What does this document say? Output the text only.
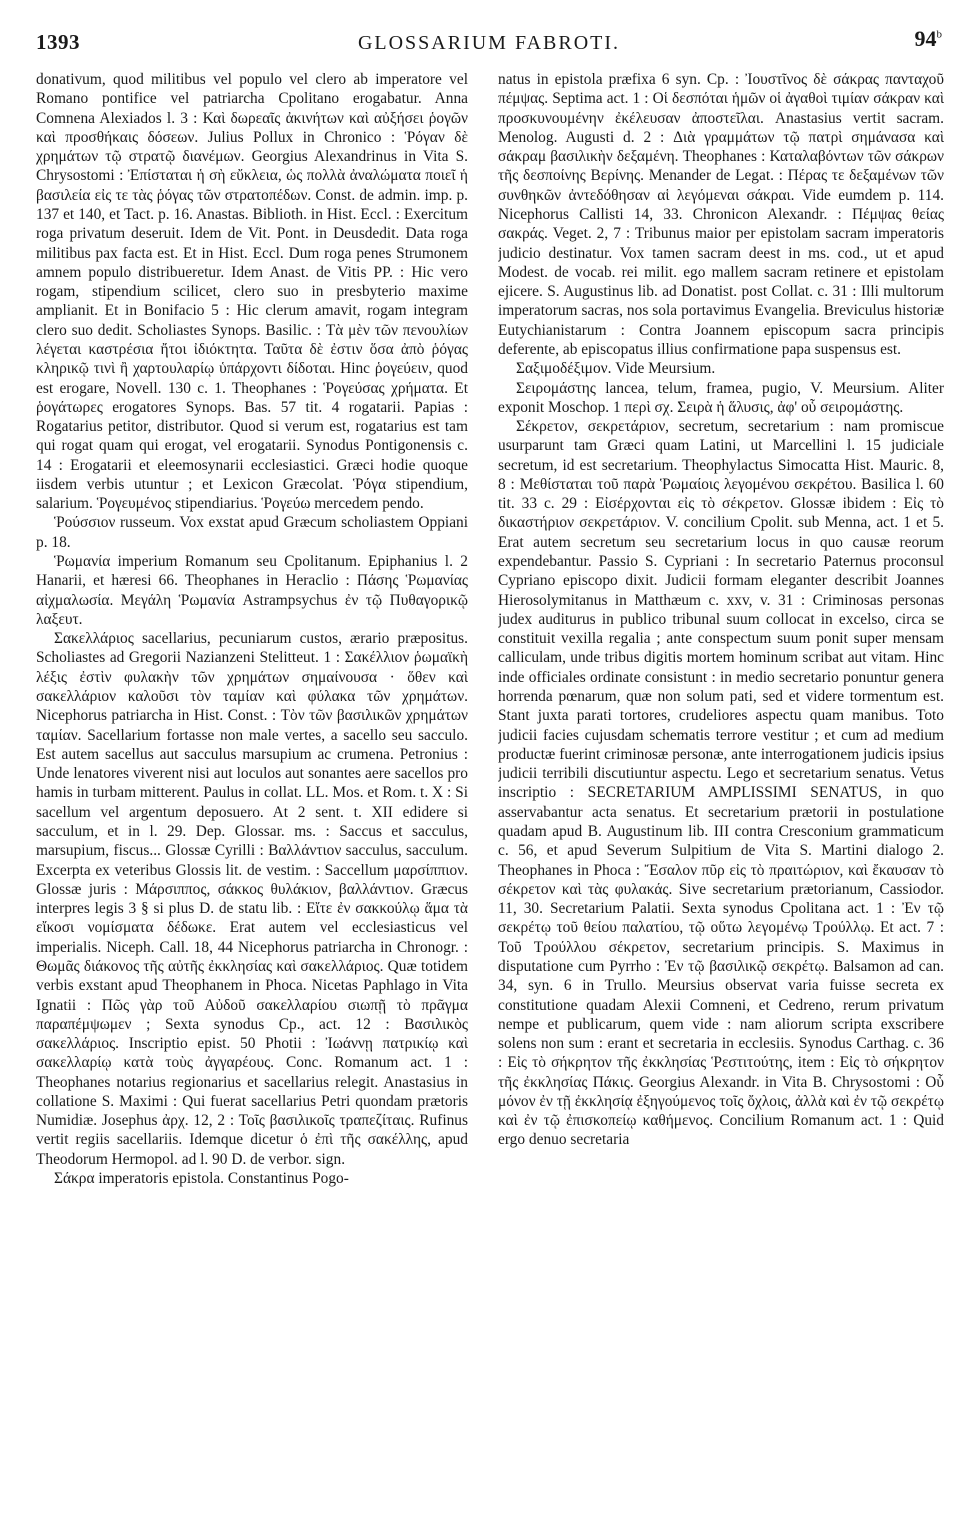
1393	GLOSSARIUM FABROTI.	94$^b$

donativum, quod militibus vel populo vel clero ab imperatore vel Romano pontifice vel patriarcha Cpolitano erogabatur. Anna Comnena Alexiados l. 3 : Καὶ δωρεαῖς ἀκινήτων καὶ αὐξήσει ῥογῶν καὶ προσθήκαις δόσεων. Julius Pollux in Chronico : Ῥόγαν δὲ χρημάτων τῷ στρατῷ διανέμων. Georgius Alexandrinus in Vita S. Chrysostomi : Ἐπίσταται ἡ σὴ εὔκλεια, ὡς πολλὰ ἀναλώματα ποιεῖ ἡ βασιλεία εἰς τε τὰς ῥόγας τῶν στρατοπέδων. Const. de admin. imp. p. 137 et 140, et Tact. p. 16. Anastas. Biblioth. in Hist. Eccl. : Exercitum roga privatum deseruit. Idem de Vit. Pont. in Deusdedit. Data roga militibus pax facta est. Et in Hist. Eccl. Dum roga penes Strumonem amnem populo distribueretur. Idem Anast. de Vitis PP. : Hic vero rogam, stipendium scilicet, clero suo in presbyterio maxime amplianit. Et in Bonifacio 5 : Hic clerum amavit, rogam integram clero suo dedit. Scholiastes Synops. Basilic. : Τὰ μὲν τῶν πενουλίων λέγεται καστρέσια ἤτοι ἰδιόκτητα. Ταῦτα δὲ ἐστιν ὅσα ἀπὸ ῥόγας κληρικῷ τινὶ ἢ χαρτουλαρίῳ ὑπάρχοντι δίδοται. Hinc ῥογεύειν, quod est erogare, Novell. 130 c. 1. Theophanes : Ῥογεύσας χρήματα. Et ῥογάτωρες erogatores Synops. Bas. 57 tit. 4 rogatarii. Papias : Rogatarius petitor, distributor. Quod si verum est, rogatarius est tam qui rogat quam qui erogat, vel erogatarii. Synodus Pontigonensis c. 14 : Erogatarii et eleemosynarii ecclesiastici. Græci hodie quoque iisdem verbis utuntur ; et Lexicon Græcolat. Ῥόγα stipendium, salarium. Ῥογευμένος stipendiarius. Ῥογεύω mercedem pendo.

Ῥούσσιον russeum. Vox exstat apud Græcum scholiastem Oppiani p. 18.

Ῥωμανία imperium Romanum seu Cpolitanum. Epiphanius l. 2 Hanarii, et hæresi 66. Theophanes in Heraclio : Πάσης Ῥωμανίας αἰχμαλωσία. Μεγάλη Ῥωμανία Astrampsychus ἐν τῷ Πυθαγορικῷ λαξευτ.

Σακελλάριος sacellarius, pecuniarum custos, ærario præpositus. Scholiastes ad Gregorii Nazianzeni Stelitteut. 1 : Σακέλλιον ῥωμαϊκὴ λέξις ἐστὶν φυλακὴν τῶν χρημάτων σημαίνουσα · ὅθεν καὶ σακελλάριον καλοῦσι τὸν ταμίαν καὶ φύλακα τῶν χρημάτων. Nicephorus patriarcha in Hist. Const. : Τὸν τῶν βασιλικῶν χρημάτων ταμίαν. Sacellarium fortasse non male vertes, a sacello seu sacculo. Est autem sacellus aut sacculus marsupium ac crumena. Petronius : Unde lenatores viverent nisi aut loculos aut sonantes aere sacellos pro hamis in turbam mitterent. Paulus in collat. LL. Mos. et Rom. t. X : Si sacellum vel argentum deposuero. At 2 sent. t. XII edidere si sacculum, et in l. 29. Dep. Glossar. ms. : Saccus et sacculus, marsupium, fiscus... Glossæ Cyrilli : Βαλλάντιον sacculus, sacculum. Excerpta ex veteribus Glossis lit. de vestim. : Saccellum μαρσίππιον. Glossæ juris : Μάρσιππος, σάκκος θυλάκιον, βαλλάντιον. Græcus interpres legis 3 § si plus D. de statu lib. : Εἴτε ἐν σακκούλῳ ἅμα τὰ εἴκοσι νομίσματα δέδωκε. Erat autem vel ecclesiasticus vel imperialis. Niceph. Call. 18, 44 Nicephorus patriarcha in Chronogr. : Θωμᾶς διάκονος τῆς αὐτῆς ἐκκλησίας καὶ σακελλάριος. Quæ totidem verbis exstant apud Theophanem in Phoca. Nicetas Paphlago in Vita Ignatii : Πῶς γὰρ τοῦ Αὐδοῦ σακελλαρίου σιωπῇ τὸ πρᾶγμα παραπέμψωμεν ; Sexta synodus Cp., act. 12 : Βασιλικὸς σακελλάριος. Inscriptio epist. 50 Photii : Ἰωάννῃ πατρικίῳ καὶ σακελλαρίῳ κατὰ τοὺς ἀγγαρέους. Conc. Romanum act. 1 : Theophanes notarius regionarius et sacellarius relegit. Anastasius in collatione S. Maximi : Qui fuerat sacellarius Petri quondam prætoris Numidiæ. Josephus ἀρχ. 12, 2 : Τοῖς βασιλικοῖς τραπεζίταις. Rufinus vertit regiis sacellariis. Idemque dicetur ὁ ἐπὶ τῆς σακέλλης, apud Theodorum Hermopol. ad l. 90 D. de verbor. sign.

Σάκρα imperatoris epistola. Constantinus Pogo-

natus in epistola præfixa 6 syn. Cp. : Ἰουστῖνος δὲ σάκρας πανταχοῦ πέμψας. Septima act. 1 : Οἱ δεσπόται ἡμῶν οἱ ἀγαθοὶ τιμίαν σάκραν καὶ προσκυνουμένην ἐκέλευσαν ἀποστεῖλαι. Anastasius vertit sacram. Menolog. Augusti d. 2 : Διὰ γραμμάτων τῷ πατρὶ σημάνασα καὶ σάκραμ βασιλικὴν δεξαμένη. Theophanes : Καταλαβόντων τῶν σάκρων τῆς δεσποίνης Βερίνης. Menander de Legat. : Πέρας τε δεξαμένων τῶν συνθηκῶν ἀντεδόθησαν αἱ λεγόμεναι σάκραι. Vide eumdem p. 114. Nicephorus Callisti 14, 33. Chronicon Alexandr. : Πέμψας θείας σακράς. Veget. 2, 7 : Tribunus maior per epistolam sacram imperatoris judicio destinatur. Vox tamen sacram deest in ms. cod., ut et apud Modest. de vocab. rei milit. ego mallem sacram retinere et epistolam ejicere. S. Augustinus lib. ad Donatist. post Collat. c. 31 : Illi multorum imperatorum sacras, nos sola portavimus Evangelia. Breviculus historiæ Eutychianistarum : Contra Joannem episcopum sacra principis deferente, ab episcopatus illius confirmatione papa suspensus est.

Σαξιμοδέξιμον. Vide Meursium.

Σειρομάστης lancea, telum, framea, pugio, V. Meursium. Aliter exponit Moschop. 1 περὶ σχ. Σειρὰ ἡ ἅλυσις, ἀφ' οὗ σειρομάστης.

Σέκρετον, σεκρετάριον, secretum, secretarium : nam promiscue usurparunt tam Græci quam Latini, ut Marcellini l. 15 judiciale secretum, id est secretarium. Theophylactus Simocatta Hist. Mauric. 8, 8 : Μεθίσταται τοῦ παρὰ Ῥωμαίοις λεγομένου σεκρέτου. Basilica l. 60 tit. 33 c. 29 : Εἰσέρχονται εἰς τὸ σέκρετον. Glossæ ibidem : Εἰς τὸ δικαστήριον σεκρετάριον. V. concilium Cpolit. sub Menna, act. 1 et 5. Erat autem secretum seu secretarium locus in quo causæ reorum expendebantur. Passio S. Cypriani : In secretario Paternus proconsul Cypriano episcopo dixit. Judicii formam eleganter describit Joannes Hierosolymitanus in Matthæum c. xxv, v. 31 : Criminosas personas judex auditurus in publico tribunal suum collocat in excelso, circa se constituit vexilla regalia ; ante conspectum suum ponit super mensam calliculam, unde tribus digitis mortem hominum scribat aut vitam. Hinc inde officiales ordinate consistunt : in medio secretario ponuntur genera horrenda pœnarum, quæ non solum pati, sed et videre tormentum est. Stant juxta parati tortores, crudeliores aspectu quam manibus. Toto judicii facies cujusdam schematis terrore vestitur ; et cum ad medium productæ fuerint criminosæ personæ, ante interrogationem judicis ipsius judicii terribili discutiuntur aspectu. Lego et secretarium senatus. Vetus inscriptio : SECRETARIUM AMPLISSIMI SENATUS, in quo asservabantur acta senatus. Et secretarium prætorii in postulatione quadam apud B. Augustinum lib. III contra Cresconium grammaticum c. 56, et apud Severum Sulpitium de Vita S. Martini dialogo 2. Theophanes in Phoca : Ἔσαλον πῦρ εἰς τὸ πραιτώριον, καὶ ἔκαυσαν τὸ σέκρετον καὶ τὰς φυλακάς. Sive secretarium prætorianum, Cassiodor. 11, 30. Secretarium Palatii. Sexta synodus Cpolitana act. 1 : Ἐν τῷ σεκρέτῳ τοῦ θείου παλατίου, τῷ οὕτω λεγομένῳ Τρούλλῳ. Et act. 7 : Τοῦ Τρούλλου σέκρετον, secretarium principis. S. Maximus in disputatione cum Pyrrho : Ἐν τῷ βασιλικῷ σεκρέτῳ. Balsamon ad can. 34, syn. 6 in Trullo. Meursius observat varia fuisse secreta ex constitutione quadam Alexii Comneni, et Cedreno, rerum privatum nempe et publicarum, quem vide : nam aliorum scripta exscribere solens non sum : erant et secretaria in ecclesiis. Synodus Carthag. c. 36 : Εἰς τὸ σήκρητον τῆς ἐκκλησίας Ῥεστιτούτης, item : Εἰς τὸ σήκρητον τῆς ἐκκλησίας Πάκις. Georgius Alexandr. in Vita B. Chrysostomi : Οὗ μόνον ἐν τῇ ἐκκλησίᾳ ἐξηγούμενος τοῖς ὄχλοις, ἀλλὰ καὶ ἐν τῷ σεκρέτῳ καὶ ἐν τῷ ἐπισκοπείῳ καθήμενος. Concilium Romanum act. 1 : Quid ergo denuo secretaria
